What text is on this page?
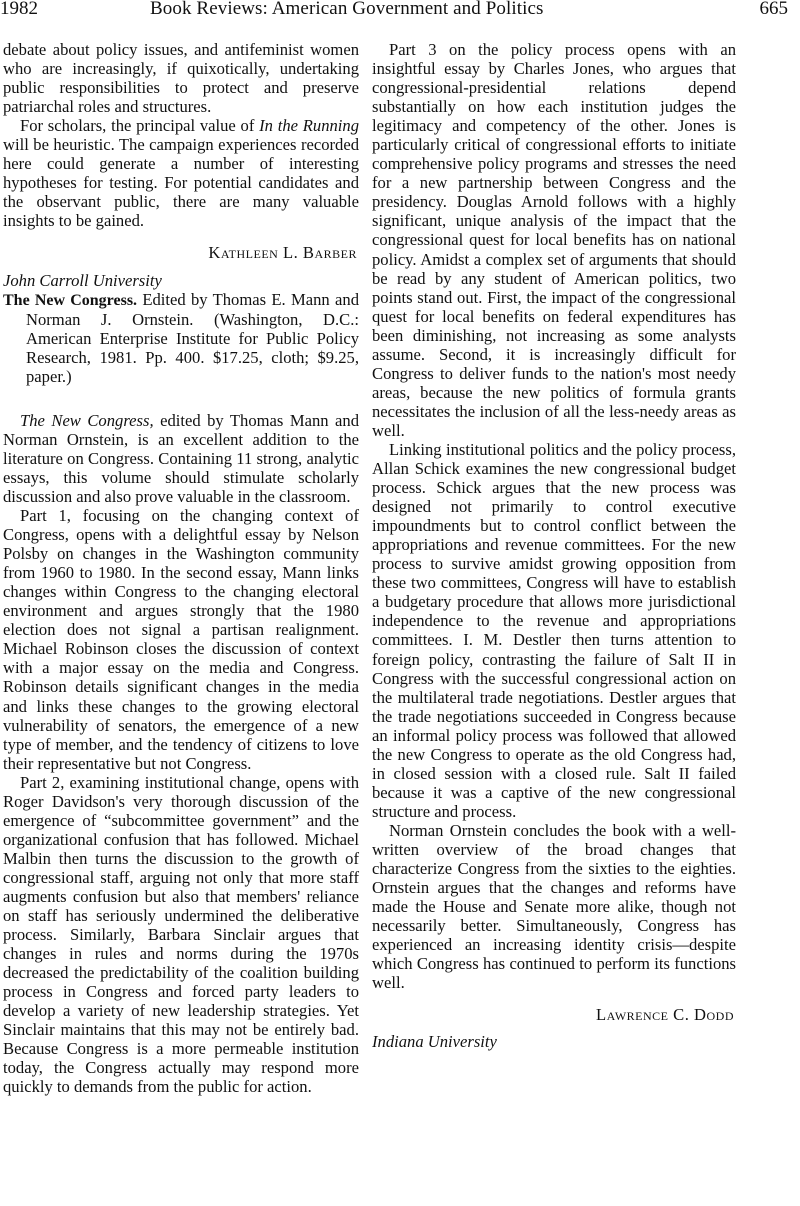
1982	Book Reviews: American Government and Politics	665

debate about policy issues, and antifeminist women who are increasingly, if quixotically, undertaking public responsibilities to protect and preserve patriarchal roles and structures.

For scholars, the principal value of In the Running will be heuristic. The campaign experiences recorded here could generate a number of interesting hypotheses for testing. For potential candidates and the observant public, there are many valuable insights to be gained.

Kathleen L. Barber

John Carroll University

The New Congress. Edited by Thomas E. Mann and Norman J. Ornstein. (Washington, D.C.: American Enterprise Institute for Public Policy Research, 1981. Pp. 400. $17.25, cloth; $9.25, paper.)

The New Congress, edited by Thomas Mann and Norman Ornstein, is an excellent addition to the literature on Congress. Containing 11 strong, analytic essays, this volume should stimulate scholarly discussion and also prove valuable in the classroom.

Part 1, focusing on the changing context of Congress, opens with a delightful essay by Nelson Polsby on changes in the Washington community from 1960 to 1980. In the second essay, Mann links changes within Congress to the changing electoral environment and argues strongly that the 1980 election does not signal a partisan realignment. Michael Robinson closes the discussion of context with a major essay on the media and Congress. Robinson details significant changes in the media and links these changes to the growing electoral vulnerability of senators, the emergence of a new type of member, and the tendency of citizens to love their representative but not Congress.

Part 2, examining institutional change, opens with Roger Davidson's very thorough discussion of the emergence of “subcommittee government” and the organizational confusion that has followed. Michael Malbin then turns the discussion to the growth of congressional staff, arguing not only that more staff augments confusion but also that members' reliance on staff has seriously undermined the deliberative process. Similarly, Barbara Sinclair argues that changes in rules and norms during the 1970s decreased the predictability of the coalition building process in Congress and forced party leaders to develop a variety of new leadership strategies. Yet Sinclair maintains that this may not be entirely bad. Because Congress is a more permeable institution today, the Congress actually may respond more quickly to demands from the public for action.

Part 3 on the policy process opens with an insightful essay by Charles Jones, who argues that congressional-presidential relations depend substantially on how each institution judges the legitimacy and competency of the other. Jones is particularly critical of congressional efforts to initiate comprehensive policy programs and stresses the need for a new partnership between Congress and the presidency. Douglas Arnold follows with a highly significant, unique analysis of the impact that the congressional quest for local benefits has on national policy. Amidst a complex set of arguments that should be read by any student of American politics, two points stand out. First, the impact of the congressional quest for local benefits on federal expenditures has been diminishing, not increasing as some analysts assume. Second, it is increasingly difficult for Congress to deliver funds to the nation's most needy areas, because the new politics of formula grants necessitates the inclusion of all the less-needy areas as well.

Linking institutional politics and the policy process, Allan Schick examines the new congressional budget process. Schick argues that the new process was designed not primarily to control executive impoundments but to control conflict between the appropriations and revenue committees. For the new process to survive amidst growing opposition from these two committees, Congress will have to establish a budgetary procedure that allows more jurisdictional independence to the revenue and appropriations committees. I. M. Destler then turns attention to foreign policy, contrasting the failure of Salt II in Congress with the successful congressional action on the multilateral trade negotiations. Destler argues that the trade negotiations succeeded in Congress because an informal policy process was followed that allowed the new Congress to operate as the old Congress had, in closed session with a closed rule. Salt II failed because it was a captive of the new congressional structure and process.

Norman Ornstein concludes the book with a well-written overview of the broad changes that characterize Congress from the sixties to the eighties. Ornstein argues that the changes and reforms have made the House and Senate more alike, though not necessarily better. Simultaneously, Congress has experienced an increasing identity crisis—despite which Congress has continued to perform its functions well.

Lawrence C. Dodd

Indiana University
